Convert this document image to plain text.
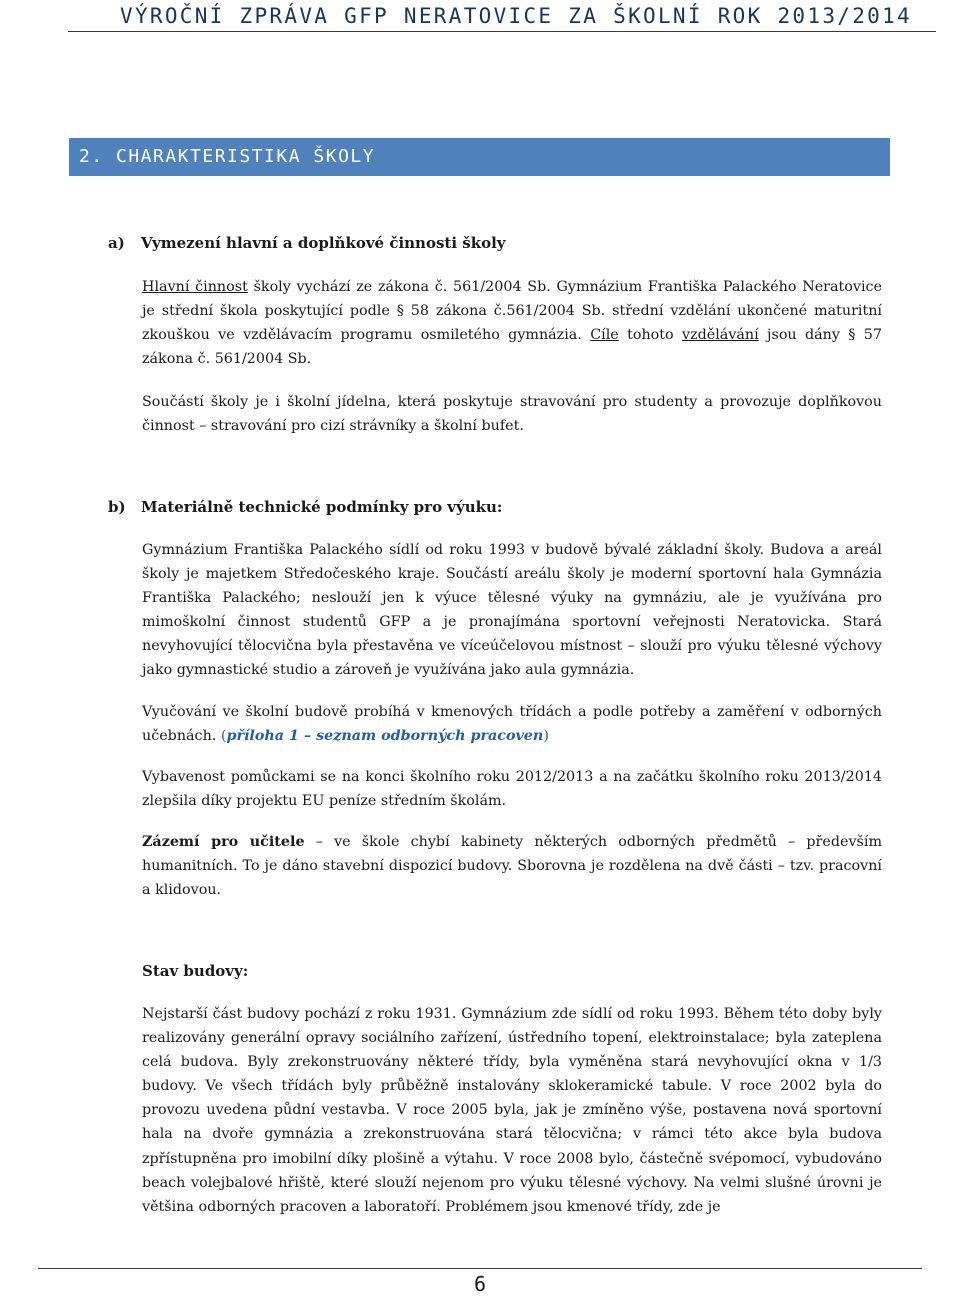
VÝROČNÍ ZPRÁVA GFP NERATOVICE ZA ŠKOLNÍ ROK 2013/2014
2. CHARAKTERISTIKA ŠKOLY
a) Vymezení hlavní a doplňkové činnosti školy

Hlavní činnost školy vychází ze zákona č. 561/2004 Sb. Gymnázium Františka Palackého Neratovice je střední škola poskytující podle § 58 zákona č.561/2004 Sb. střední vzdělání ukončené maturitní zkouškou ve vzdělávacím programu osmiletého gymnázia. Cíle tohoto vzdělávání jsou dány § 57 zákona č. 561/2004 Sb.

Součástí školy je i školní jídelna, která poskytuje stravování pro studenty a provozuje doplňkovou činnost – stravování pro cizí strávníky a školní bufet.

b) Materiálně technické podmínky pro výuku:

Gymnázium Františka Palackého sídlí od roku 1993 v budově bývalé základní školy. Budova a areál školy je majetkem Středočeského kraje. Součástí areálu školy je moderní sportovní hala Gymnázia Františka Palackého; neslouží jen k výuce tělesné výuky na gymnáziu, ale je využívána pro mimoškolní činnost studentů GFP a je pronajímána sportovní veřejnosti Neratovicka. Stará nevyhovující tělocvična byla přestavěna ve víceúčelovou místnost – slouží pro výuku tělesné výchovy jako gymnastické studio a zároveň je využívána jako aula gymnázia.

Vyučování ve školní budově probíhá v kmenových třídách a podle potřeby a zaměření v odborných učebnách. (příloha 1 – seznam odborných pracoven)

Vybavenost pomůckami se na konci školního roku 2012/2013 a na začátku školního roku 2013/2014 zlepšila díky projektu EU peníze středním školám.

Zázemí pro učitele – ve škole chybí kabinety některých odborných předmětů – především humanitních. To je dáno stavební dispozicí budovy. Sborovna je rozdělena na dvě části – tzv. pracovní a klidovou.

Stav budovy:

Nejstarší část budovy pochází z roku 1931. Gymnázium zde sídlí od roku 1993. Během této doby byly realizovány generální opravy sociálního zařízení, ústředního topení, elektroinstalace; byla zateplena celá budova. Byly zrekonstruovány některé třídy, byla vyměněna stará nevyhovující okna v 1/3 budovy. Ve všech třídách byly průběžně instalovány sklokeramické tabule. V roce 2002 byla do provozu uvedena půdní vestavba. V roce 2005 byla, jak je zmíněno výše, postavena nová sportovní hala na dvoře gymnázia a zrekonstruována stará tělocvična; v rámci této akce byla budova zpřístupněna pro imobilní díky plošině a výtahu. V roce 2008 bylo, částečně svépomocí, vybudováno beach volejbalové hřiště, které slouží nejenom pro výuku tělesné výchovy. Na velmi slušné úrovni je většina odborných pracoven a laboratoří. Problémem jsou kmenové třídy, zde je

6
